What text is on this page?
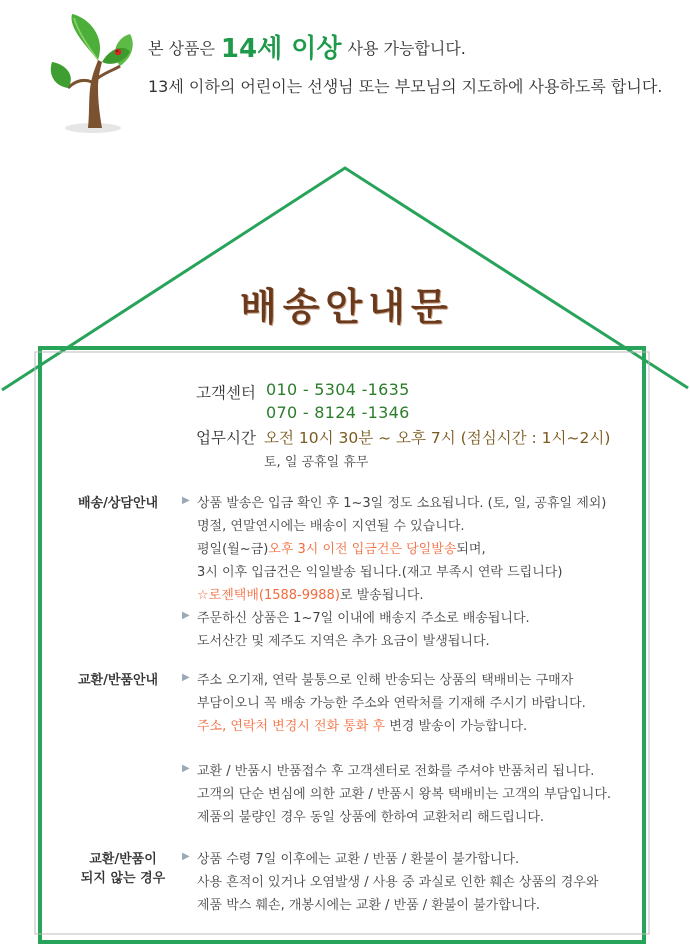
본 상품은 14세 이상 사용 가능합니다.
13세 이하의 어린이는 선생님 또는 부모님의 지도하에 사용하도록 합니다.
배송안내문
고객센터 010 - 5304 -1635
070 - 8124 -1346
업무시간 오전 10시 30분 ~ 오후 7시 (점심시간 : 1시~2시)
토, 일 공휴일 휴무
배송/상담안내 ▶ 상품 발송은 입금 확인 후 1~3일 정도 소요됩니다. (토, 일, 공휴일 제외)
명절, 연말연시에는 배송이 지연될 수 있습니다.
평일(월~금)오후 3시 이전 입금건은 당일발송되며,
3시 이후 입금건은 익일발송 됩니다.(재고 부족시 연락 드립니다)
☆로젠택배(1588-9988)로 발송됩니다.
▶ 주문하신 상품은 1~7일 이내에 배송지 주소로 배송됩니다.
도서산간 및 제주도 지역은 추가 요금이 발생됩니다.
교환/반품안내 ▶ 주소 오기재, 연락 불통으로 인해 반송되는 상품의 택배비는 구매자
부담이오니 꼭 배송 가능한 주소와 연락처를 기재해 주시기 바랍니다.
주소, 연락처 변경시 전화 통화 후 변경 발송이 가능합니다.
▶ 교환 / 반품시 반품접수 후 고객센터로 전화를 주셔야 반품처리 됩니다.
고객의 단순 변심에 의한 교환 / 반품시 왕복 택배비는 고객의 부담입니다.
제품의 불량인 경우 동일 상품에 한하여 교환처리 해드립니다.
교환/반품이
되지 않는 경우
▶ 상품 수령 7일 이후에는 교환 / 반품 / 환불이 불가합니다.
사용 흔적이 있거나 오염발생 / 사용 중 과실로 인한 훼손 상품의 경우와
제품 박스 훼손, 개봉시에는 교환 / 반품 / 환불이 불가합니다.
